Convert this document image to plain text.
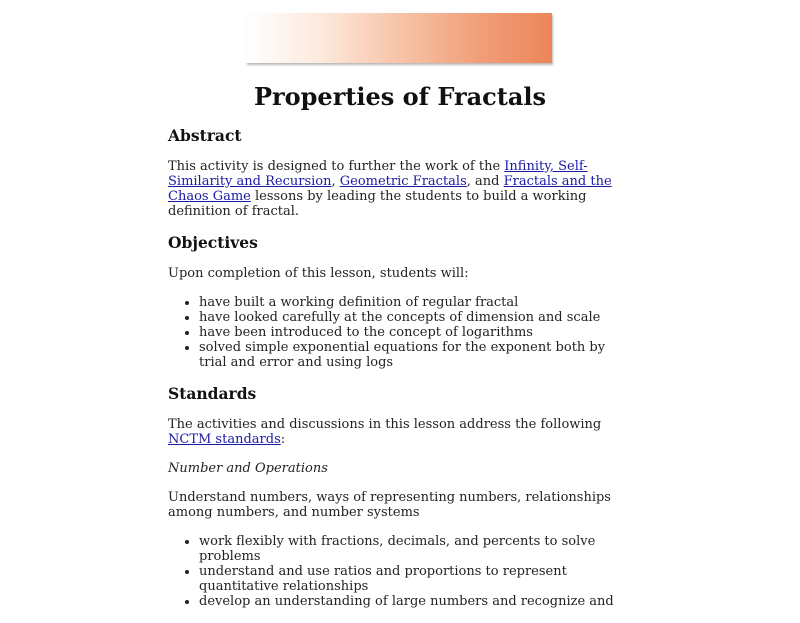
Properties of Fractals
Abstract

This activity is designed to further the work of the Infinity, Self-Similarity and Recursion, Geometric Fractals, and Fractals and the Chaos Game lessons by leading the students to build a working definition of fractal.

Objectives

Upon completion of this lesson, students will:

• have built a working definition of regular fractal
• have looked carefully at the concepts of dimension and scale
• have been introduced to the concept of logarithms
• solved simple exponential equations for the exponent both by trial and error and using logs
Standards

The activities and discussions in this lesson address the following NCTM standards:

Number and Operations

Understand numbers, ways of representing numbers, relationships among numbers, and number systems

• work flexibly with fractions, decimals, and percents to solve problems
• understand and use ratios and proportions to represent quantitative relationships
• develop an understanding of large numbers and recognize and
